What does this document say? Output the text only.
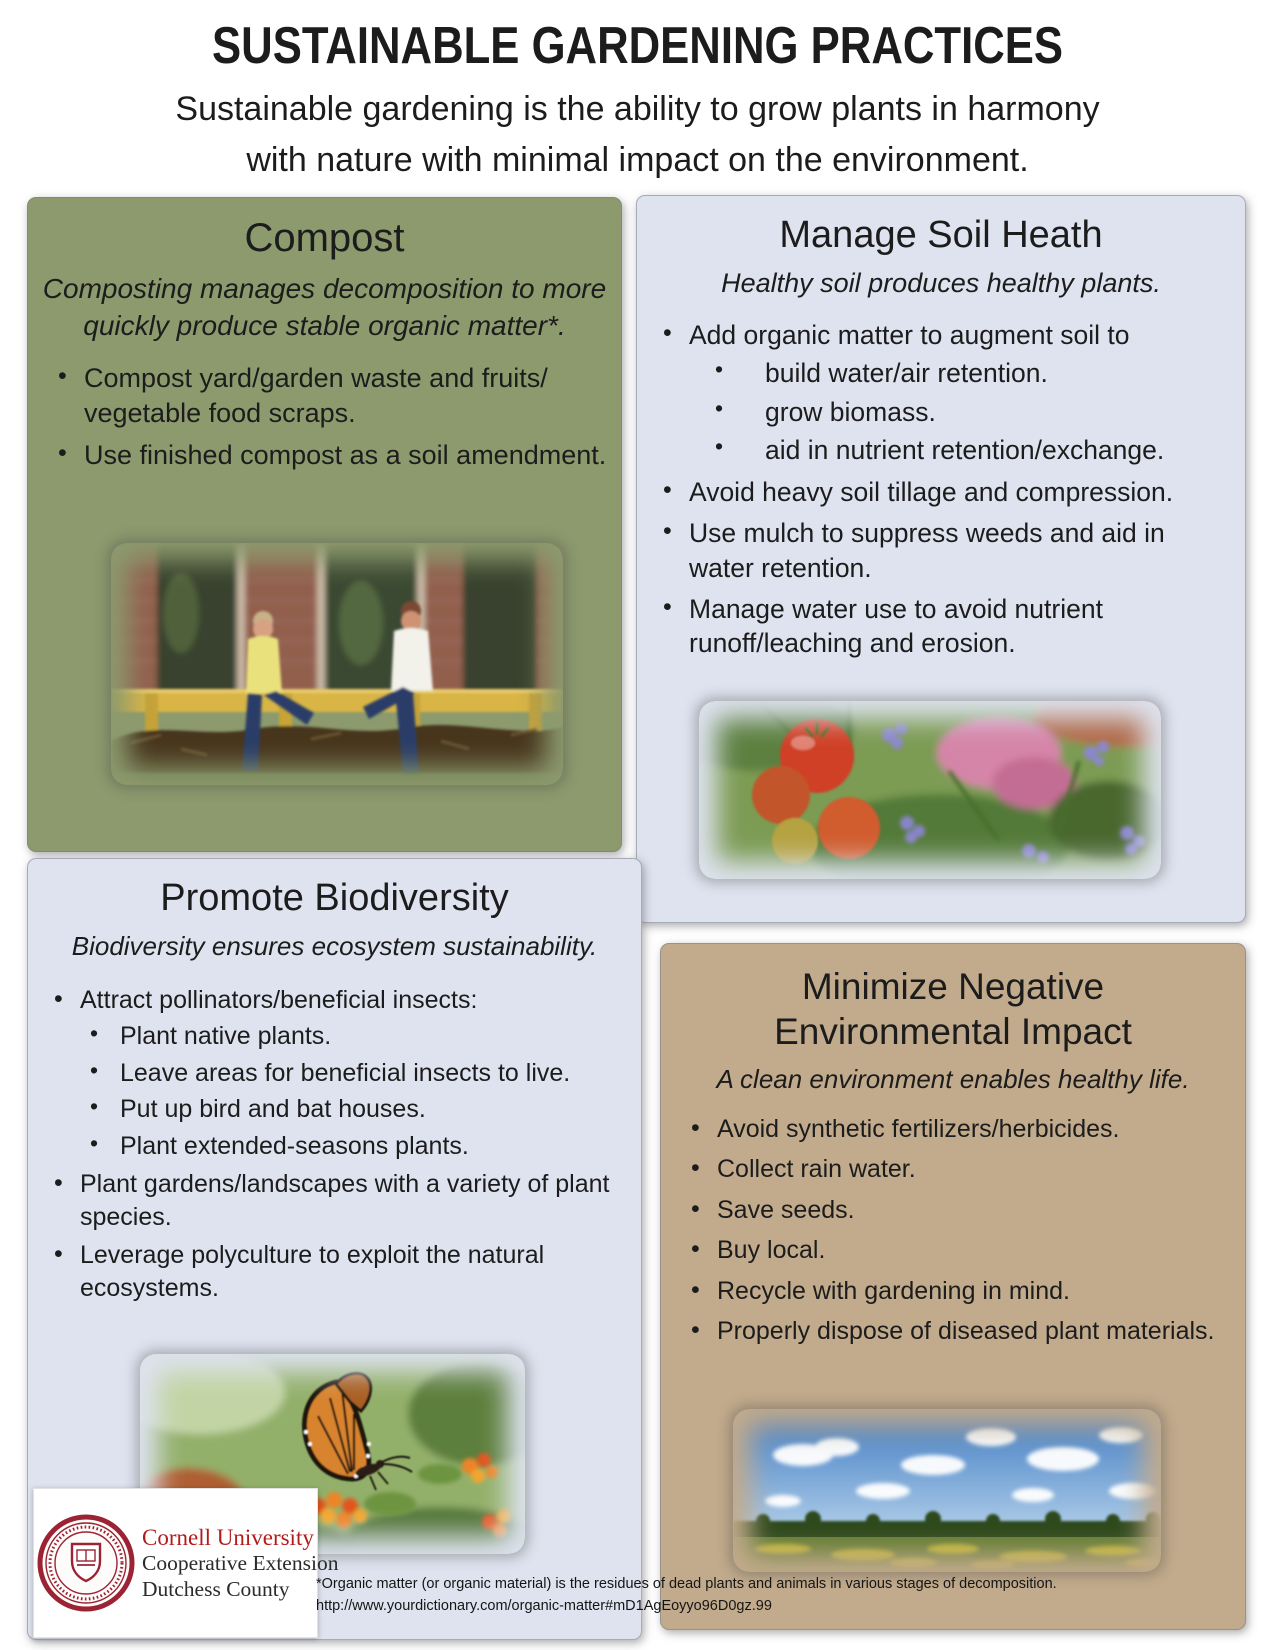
SUSTAINABLE GARDENING PRACTICES
Sustainable gardening is the ability to grow plants in harmony
with nature with minimal impact on the environment.
Compost

Composting manages decomposition to more quickly produce stable organic matter*.

• Compost yard/garden waste and fruits/ vegetable food scraps.
• Use finished compost as a soil amendment.
Manage Soil Heath

Healthy soil produces healthy plants.

• Add organic matter to augment soil to
• build water/air retention.
• grow biomass.
• aid in nutrient retention/exchange.
• Avoid heavy soil tillage and compression.
• Use mulch to suppress weeds and aid in water retention.
• Manage water use to avoid nutrient runoff/leaching and erosion.
Promote Biodiversity

Biodiversity ensures ecosystem sustainability.

• Attract pollinators/beneficial insects:
• Plant native plants.
• Leave areas for beneficial insects to live.
• Put up bird and bat houses.
• Plant extended-seasons plants.
• Plant gardens/landscapes with a variety of plant species.
• Leverage polyculture to exploit the natural ecosystems.
Minimize Negative Environmental Impact

A clean environment enables healthy life.

• Avoid synthetic fertilizers/herbicides.
• Collect rain water.
• Save seeds.
• Buy local.
• Recycle with gardening in mind.
• Properly dispose of diseased plant materials.
Cornell University
Cooperative Extension
Dutchess County	*Organic matter (or organic material) is the residues of dead plants and animals in various stages of decomposition.
http://www.yourdictionary.com/organic-matter#mD1AgEoyyo96D0gz.99
